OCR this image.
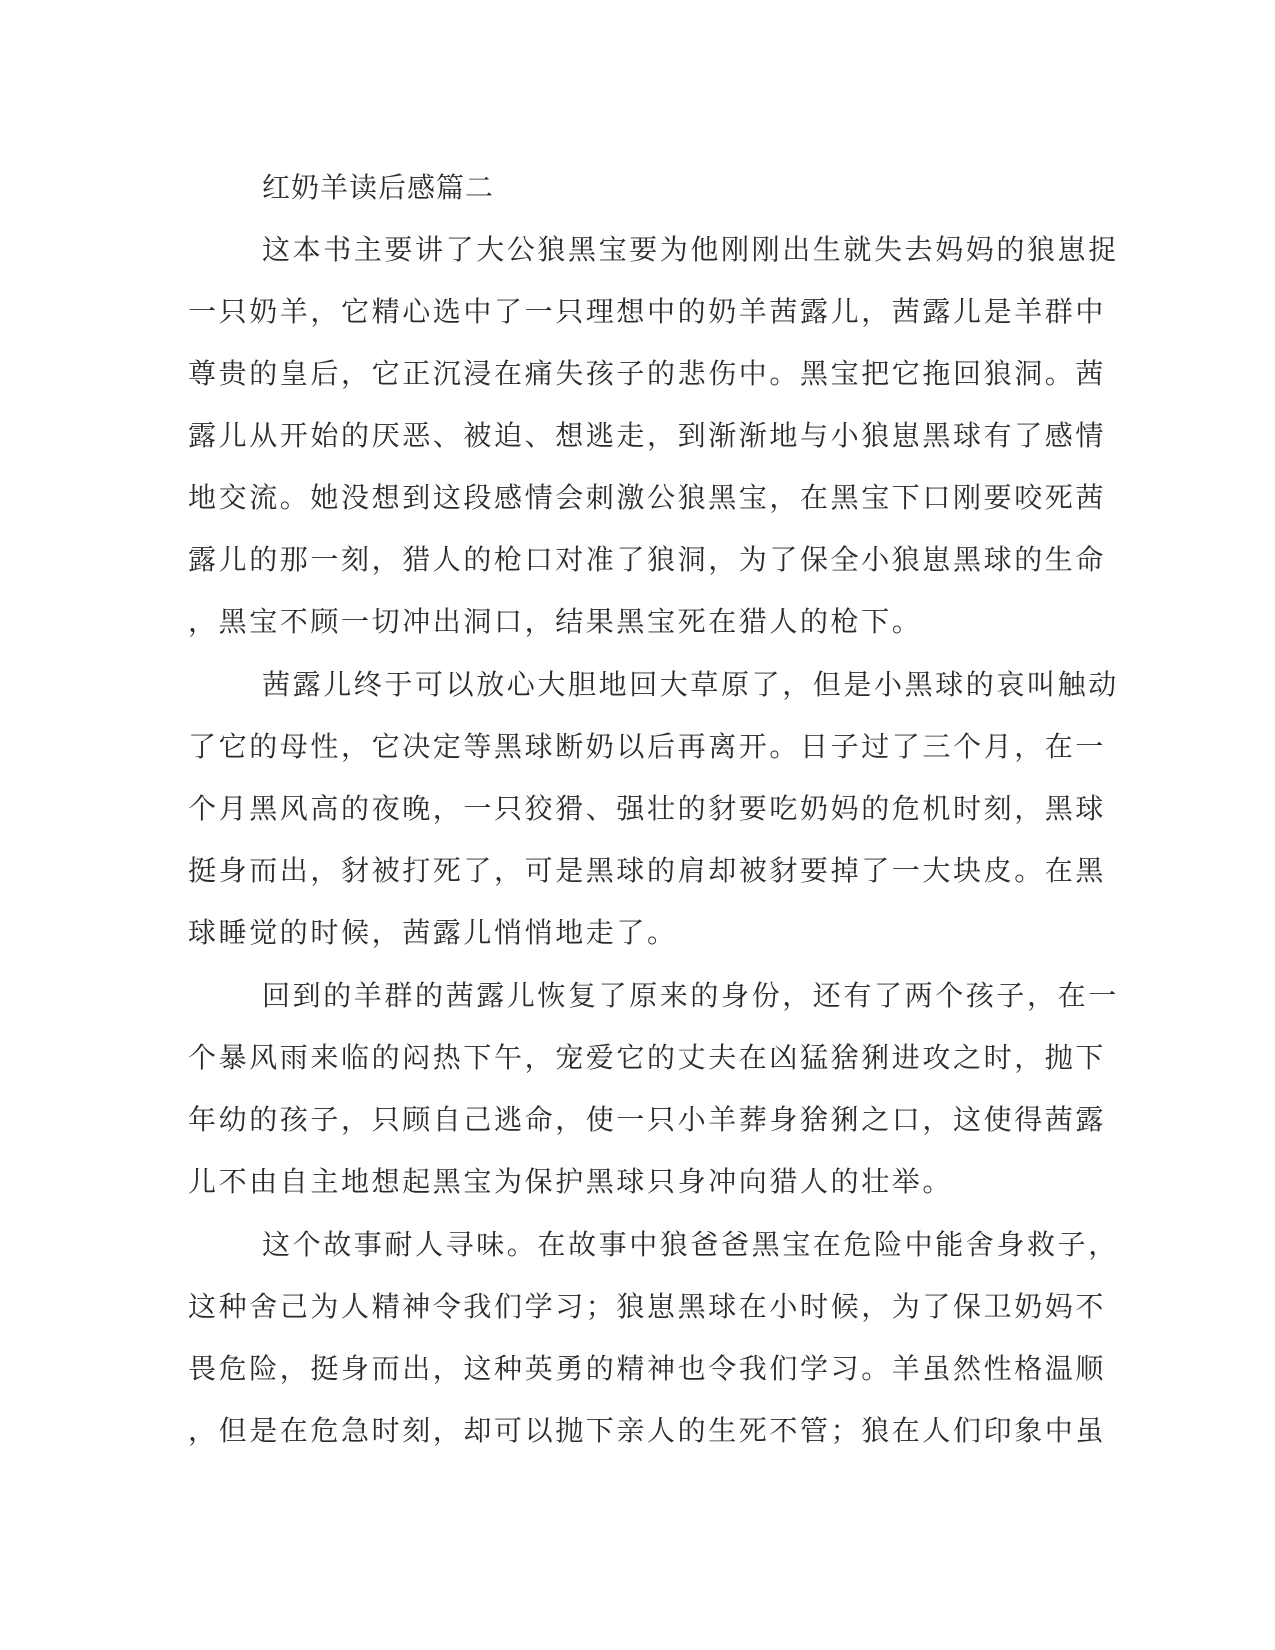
红奶羊读后感篇二
这本书主要讲了大公狼黑宝要为他刚刚出生就失去妈妈的狼崽捉
一只奶羊，它精心选中了一只理想中的奶羊茜露儿，茜露儿是羊群中
尊贵的皇后，它正沉浸在痛失孩子的悲伤中。黑宝把它拖回狼洞。茜
露儿从开始的厌恶、被迫、想逃走，到渐渐地与小狼崽黑球有了感情
地交流。她没想到这段感情会刺激公狼黑宝，在黑宝下口刚要咬死茜
露儿的那一刻，猎人的枪口对准了狼洞，为了保全小狼崽黑球的生命
，黑宝不顾一切冲出洞口，结果黑宝死在猎人的枪下。
茜露儿终于可以放心大胆地回大草原了，但是小黑球的哀叫触动
了它的母性，它决定等黑球断奶以后再离开。日子过了三个月，在一
个月黑风高的夜晚，一只狡猾、强壮的豺要吃奶妈的危机时刻，黑球
挺身而出，豺被打死了，可是黑球的肩却被豺要掉了一大块皮。在黑
球睡觉的时候，茜露儿悄悄地走了。
回到的羊群的茜露儿恢复了原来的身份，还有了两个孩子，在一
个暴风雨来临的闷热下午，宠爱它的丈夫在凶猛猞猁进攻之时，抛下
年幼的孩子，只顾自己逃命，使一只小羊葬身猞猁之口，这使得茜露
儿不由自主地想起黑宝为保护黑球只身冲向猎人的壮举。
这个故事耐人寻味。在故事中狼爸爸黑宝在危险中能舍身救子，
这种舍己为人精神令我们学习；狼崽黑球在小时候，为了保卫奶妈不
畏危险，挺身而出，这种英勇的精神也令我们学习。羊虽然性格温顺
，但是在危急时刻，却可以抛下亲人的生死不管；狼在人们印象中虽
